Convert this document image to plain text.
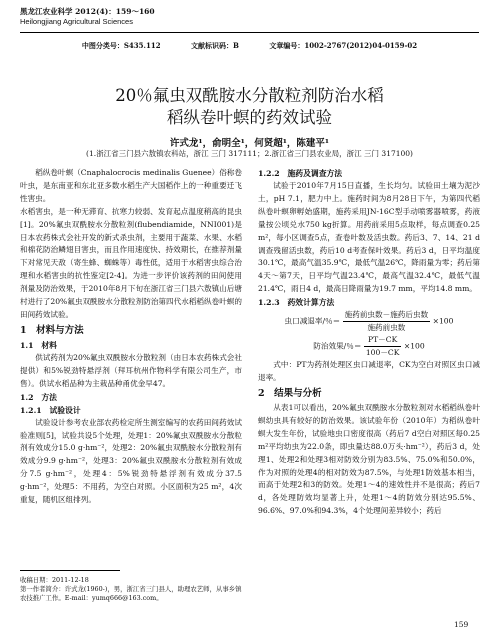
黑龙江农业科学 2012(4)：159～160
Heilongjiang Agricultural Sciences
中图分类号：S435.112	文献标识码：B	文章编号：1002-2767(2012)04-0159-02
20％氟虫双酰胺水分散粒剂防治水稻
稻纵卷叶螟的药效试验
许式龙¹，俞明全¹，何贤超¹，陈建平¹
(1.浙江省三门县六敖镇农科站，浙江 三门 317111；2.浙江省三门县农业局，浙江 三门 317100)

稻纵卷叶螟（Cnaphalocrocis medinalis Guenee）俗称卷叶虫，是东南亚和东北亚多数水稻生产大国稻作上的一种重要迁飞性害虫。

水稻害虫，是一种无滞育、抗寒力较弱、发育起点温度稍高的昆虫[1]。20%氟虫双酰胺水分散粒剂(flubendiamide，NNI001)是日本农药株式会社开发的新式杀虫剂，主要用于蔬菜、水果、水稻和棉花防治鳞翅目害虫，而且作用速度快、持效期长，在推荐剂量下对常见天敌（寄生蜂、蜘蛛等）毒性低，适用于水稻害虫综合治理和水稻害虫的抗性鉴定[2-4]。为进一步评价该药剂的田间使用剂量及防治效果，于2010年8月下旬在浙江省三门县六敖镇山后塘村进行了20%氟虫双酰胺水分散粒剂防治第四代水稻稻纵卷叶螟的田间药效试验。

1　材料与方法
1.1　材料

供试药剂为20%氟虫双酰胺水分散粒剂（由日本农药株式会社提供）和5%锐劲特悬浮剂（拜耳杭州作物科学有限公司生产，市售）。供试水稻品种为主栽品种甬优金早47。

1.2　方法
1.2.1　试验设计

试验设计参考农业部农药检定所生测室编写的农药田间药效试验准则[5]，试验共设5个处理，处理1：20%氟虫双酰胺水分散粒剂有效成分15.0 g·hm⁻²，处理2：20%氟虫双酰胺水分散粒剂有效成分9.9 g·hm⁻²，处理3：20%氟虫双酰胺水分散粒剂有效成分7.5 g·hm⁻²，处理4：5%锐劲特悬浮剂有效成分37.5 g·hm⁻²，处理5：不用药，为空白对照。小区面积为25 m²，4次重复，随机区组排列。

1.2.2　施药及调查方法

试验于2010年7月15日直播，生长均匀。试验田土壤为泥沙土，pH 7.1，肥力中上。施药时间为8月28日下午，为第四代稻纵卷叶螟卵孵始盛期，施药采用JN-16C型手动喷雾器喷雾，药液量按公顷兑水750 kg折算。用药前采用5点取样，每点调查0.25 m²，每小区调查5点，查卷叶数及活虫数。药后3、7、14、21 d调查残留活虫数，药后10 d考查保叶效果。药后3 d，日平均温度30.1℃，最高气温35.9℃，最低气温26℃，降雨量为零；药后第4天～第7天，日平均气温23.4℃，最高气温32.4℃，最低气温21.4℃，雨日4 d，最高日降雨量为19.7 mm，平均14.8 mm。

1.2.3　药效计算方法
虫口减退率/％＝ $\frac{\text{施药前虫数－施药后虫数}}{\text{施药前虫数}} \times 100$
防治效果/％＝ $\frac{PT-CK}{100-CK} \times 100$

式中：PT为药剂处理区虫口减退率，CK为空白对照区虫口减退率。

2　结果与分析

从表1可以看出，20%氟虫双酰胺水分散粒剂对水稻稻纵卷叶螟幼虫具有较好的防治效果。该试验年份（2010年）为稻纵卷叶螟大发生年份，试验地虫口密度很高（药后7 d空白对照区每0.25 m²平均幼虫为22.0条，即虫量达88.0万头·hm⁻²），药后3 d，处理1、处理2和处理3相对防效分别为83.5%、75.0%和50.0%，作为对照的处理4的相对防效为87.5%，与处理1防效基本相当，而高于处理2和3的防效。处理1～4的速效性并不是很高；药后7 d，各处理防效均显著上升，处理1～4的防效分别达95.5%、96.6%、97.0%和94.3%，4个处理间差异较小；药后

收稿日期：2011-12-18
第一作者简介：许式龙(1960-)，男，浙江省三门县人，助理农艺师，从事乡镇农技推广工作。E-mail：yumq666@163.com。
159
